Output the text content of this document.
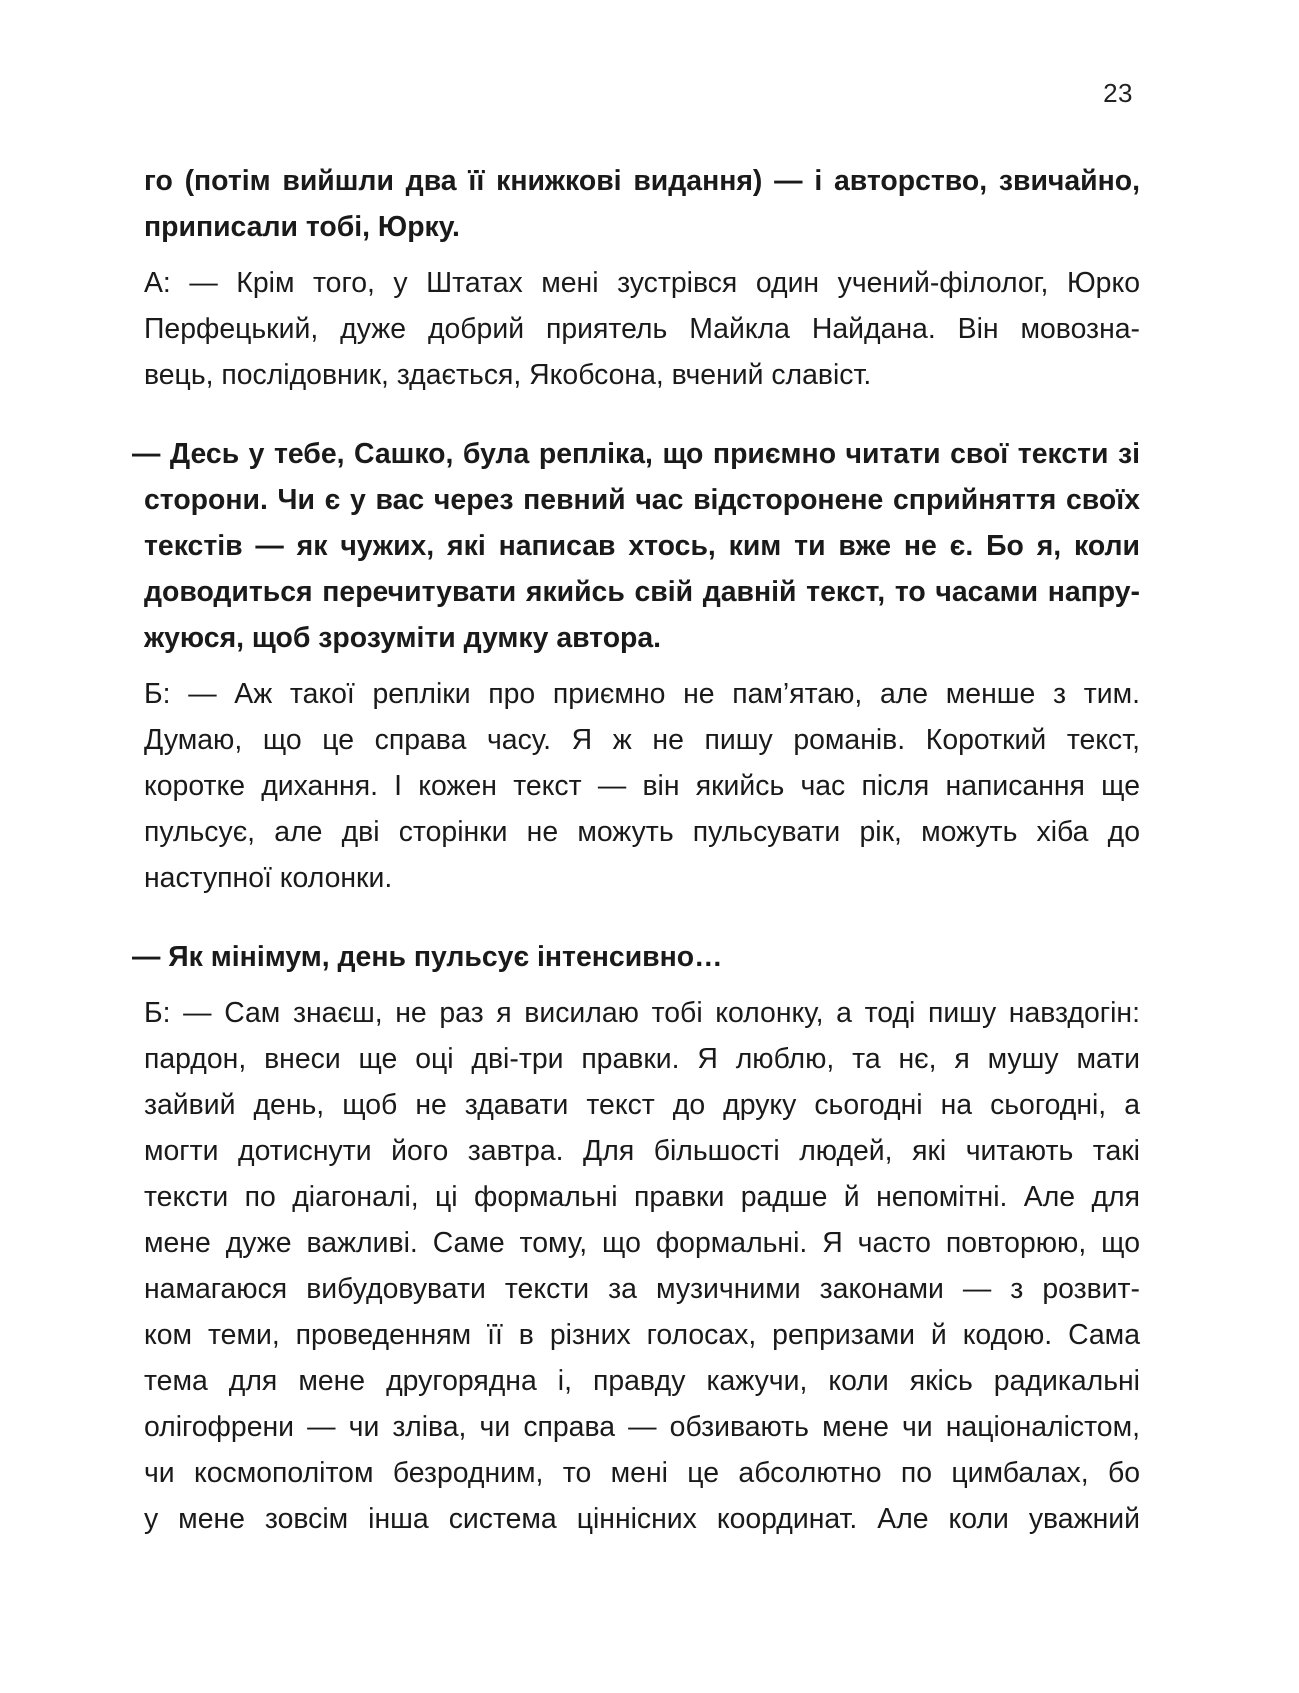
23
го (потім вийшли два її книжкові видання) — і авторство, звичайно,
приписали тобі, Юрку.
А: — Крім того, у Штатах мені зустрівся один учений-філолог, Юрко
Перфецький, дуже добрий приятель Майкла Найдана. Він мовозна-
вець, послідовник, здається, Якобсона, вчений славіст.
— Десь у тебе, Сашко, була репліка, що приємно читати свої тексти зі
сторони. Чи є у вас через певний час відсторонене сприйняття своїх
текстів — як чужих, які написав хтось, ким ти вже не є. Бо я, коли
доводиться перечитувати якийсь свій давній текст, то часами напру-
жуюся, щоб зрозуміти думку автора.
Б: — Аж такої репліки про приємно не пам’ятаю, але менше з тим.
Думаю, що це справа часу. Я ж не пишу романів. Короткий текст,
коротке дихання. І кожен текст — він якийсь час після написання ще
пульсує, але дві сторінки не можуть пульсувати рік, можуть хіба до
наступної колонки.
— Як мінімум, день пульсує інтенсивно…
Б: — Сам знаєш, не раз я висилаю тобі колонку, а тоді пишу навздогін:
пардон, внеси ще оці дві-три правки. Я люблю, та нє, я мушу мати
зайвий день, щоб не здавати текст до друку сьогодні на сьогодні, а
могти дотиснути його завтра. Для більшості людей, які читають такі
тексти по діагоналі, ці формальні правки радше й непомітні. Але для
мене дуже важливі. Саме тому, що формальні. Я часто повторюю, що
намагаюся вибудовувати тексти за музичними законами — з розвит-
ком теми, проведенням її в різних голосах, репризами й кодою. Сама
тема для мене другорядна і, правду кажучи, коли якісь радикальні
олігофрени — чи зліва, чи справа — обзивають мене чи націоналістом,
чи космополітом безродним, то мені це абсолютно по цимбалах, бо
у мене зовсім інша система ціннісних координат. Але коли уважний
